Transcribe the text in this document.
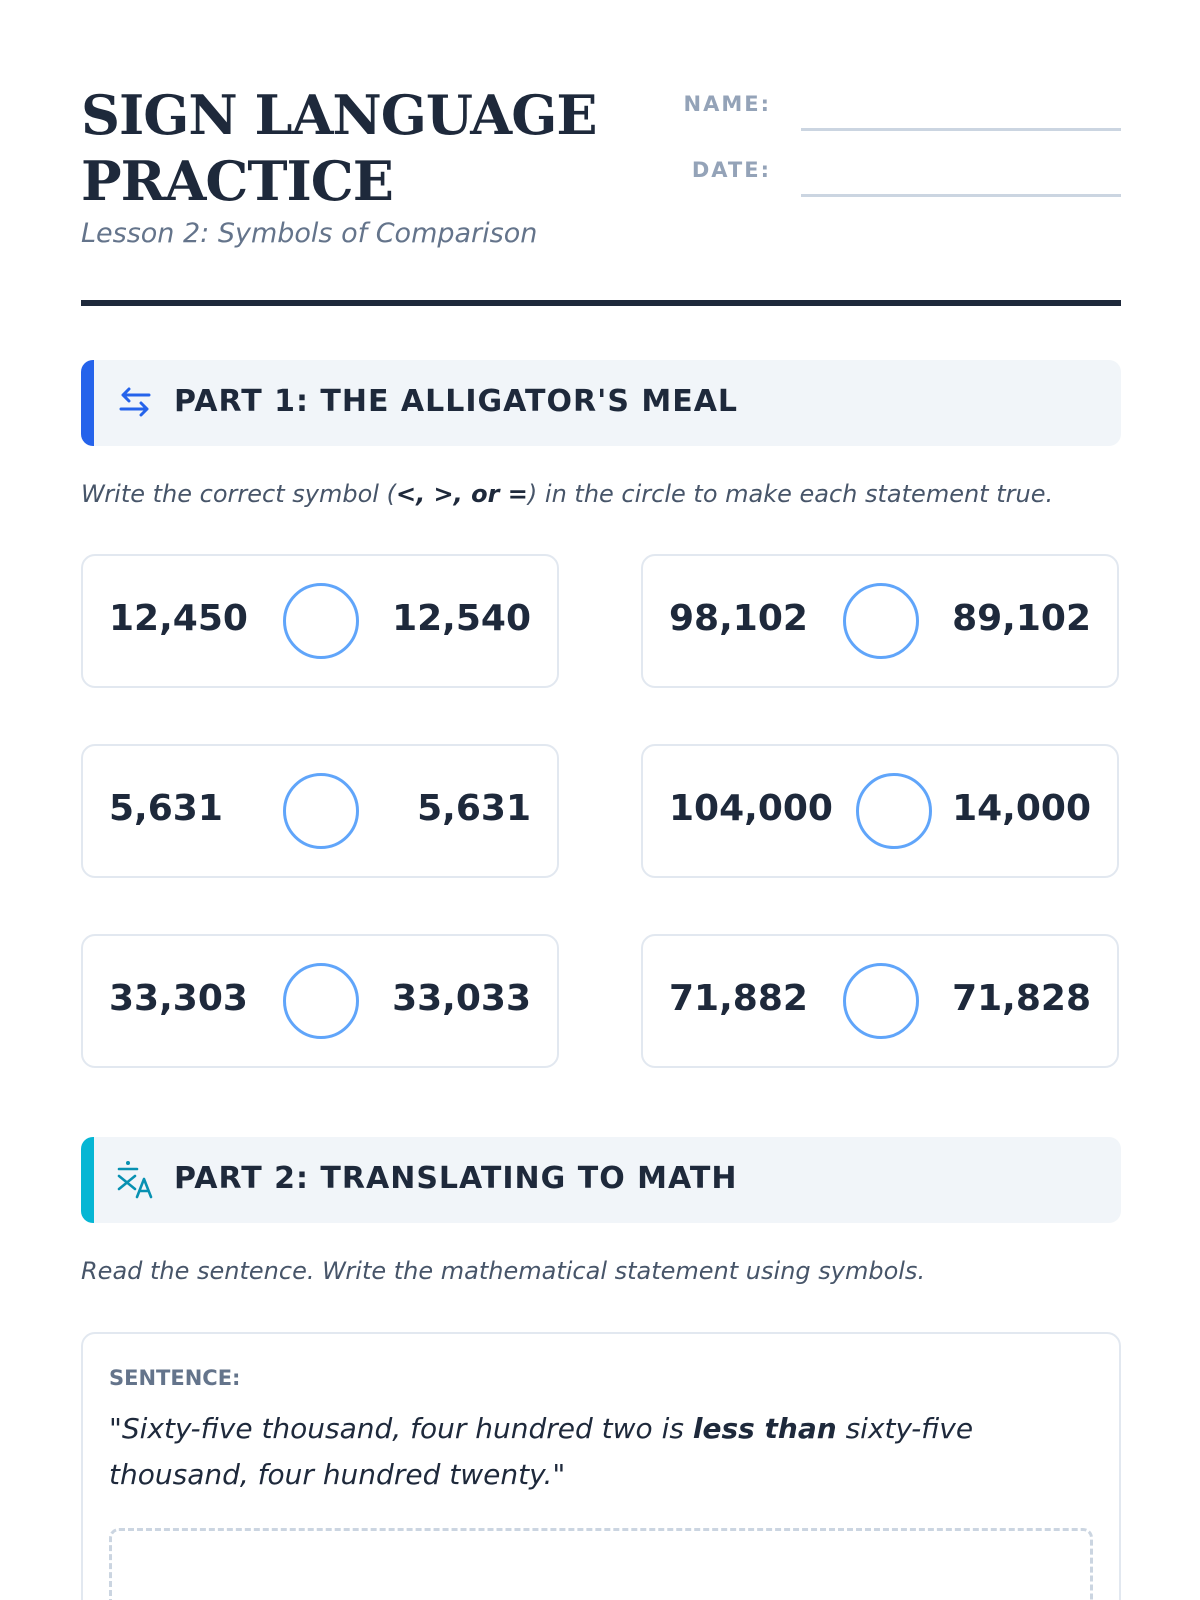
SIGN LANGUAGE
PRACTICE

Lesson 2: Symbols of Comparison

NAME:
DATE:
PART 1: THE ALLIGATOR'S MEAL
Write the correct symbol (<, >, or =) in the circle to make each statement true.
12,450	12,540	98,102	89,102
5,631	5,631	104,000	14,000
33,303	33,033	71,882	71,828
PART 2: TRANSLATING TO MATH
Read the sentence. Write the mathematical statement using symbols.
SENTENCE:
"Sixty-five thousand, four hundred two is less than sixty-five thousand, four hundred twenty."
